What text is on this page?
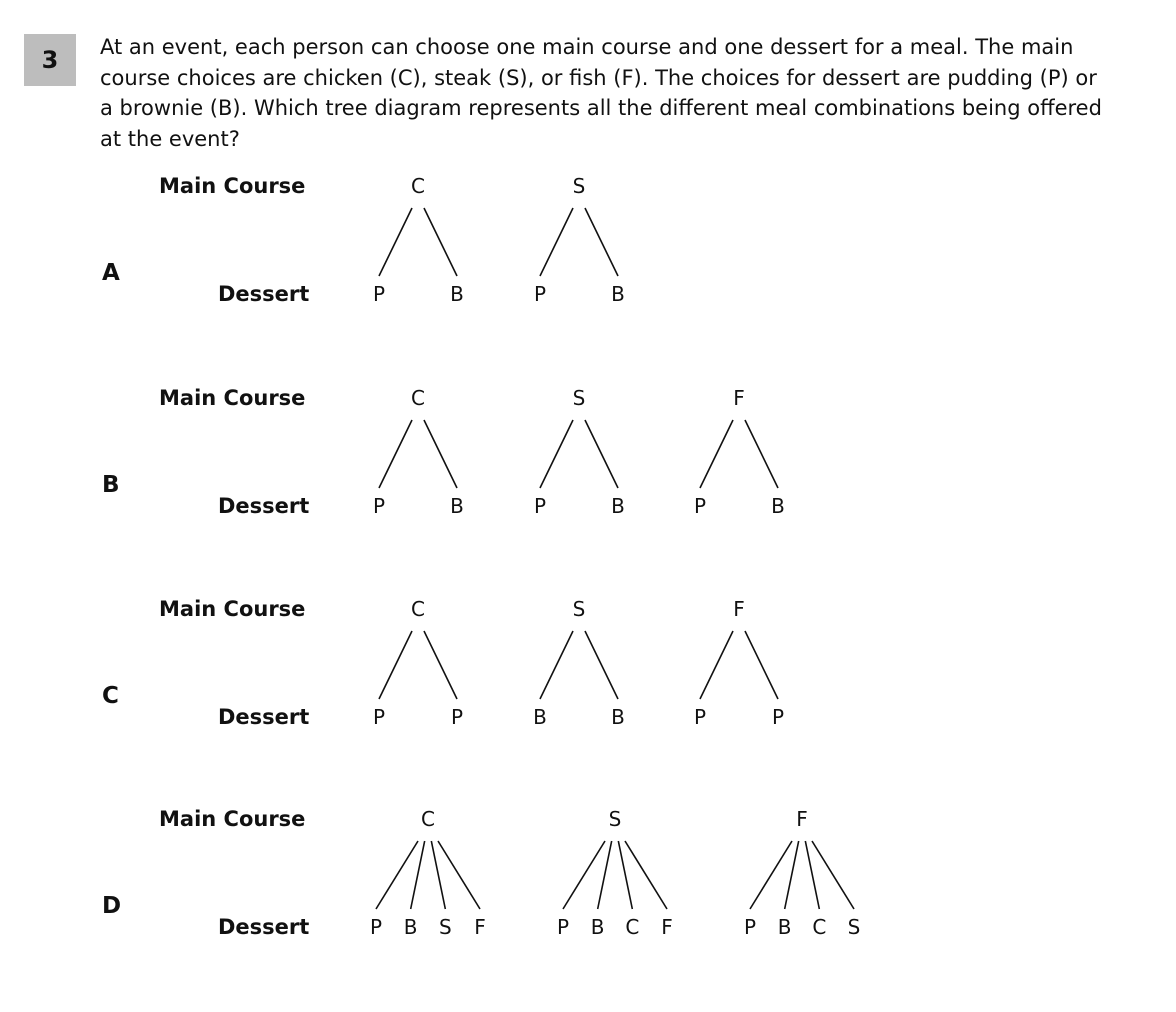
3	At an event, each person can choose one main course and one dessert for a meal. The main course choices are chicken (C), steak (S), or fish (F). The choices for dessert are pudding (P) or a brownie (B). Which tree diagram represents all the different meal combinations being offered at the event?
A
Main Course
Dessert
C
P	B
S
P	B
B
Main Course
Dessert
C
P	B
S
P	B
F
P	B
C
Main Course
Dessert
C
P	P
S
B	B
F
P	P
D
Main Course
Dessert
C
P B S F
S
P B C F
F
P B C S
